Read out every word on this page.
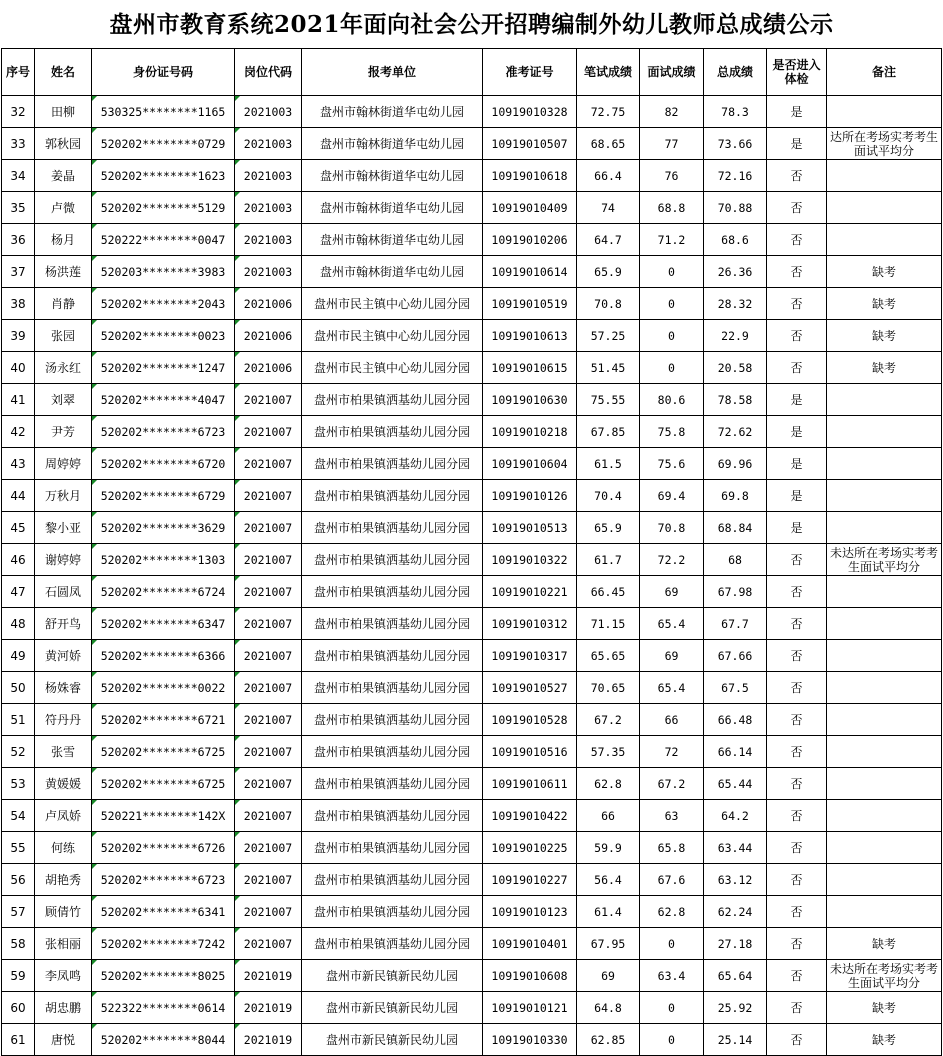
盘州市教育系统2021年面向社会公开招聘编制外幼儿教师总成绩公示
序号	姓名	身份证号码	岗位代码	报考单位	准考证号	笔试成绩	面试成绩	总成绩	是否进入体检	备注
32	田柳	530325********1165	2021003	盘州市翰林街道华屯幼儿园	10919010328	72.75	82	78.3	是	
33	郭秋园	520202********0729	2021003	盘州市翰林街道华屯幼儿园	10919010507	68.65	77	73.66	是	达所在考场实考考生面试平均分
34	姜晶	520202********1623	2021003	盘州市翰林街道华屯幼儿园	10919010618	66.4	76	72.16	否	
35	卢微	520202********5129	2021003	盘州市翰林街道华屯幼儿园	10919010409	74	68.8	70.88	否	
36	杨月	520222********0047	2021003	盘州市翰林街道华屯幼儿园	10919010206	64.7	71.2	68.6	否	
37	杨洪莲	520203********3983	2021003	盘州市翰林街道华屯幼儿园	10919010614	65.9	0	26.36	否	缺考
38	肖静	520202********2043	2021006	盘州市民主镇中心幼儿园分园	10919010519	70.8	0	28.32	否	缺考
39	张园	520202********0023	2021006	盘州市民主镇中心幼儿园分园	10919010613	57.25	0	22.9	否	缺考
40	汤永红	520202********1247	2021006	盘州市民主镇中心幼儿园分园	10919010615	51.45	0	20.58	否	缺考
41	刘翠	520202********4047	2021007	盘州市柏果镇洒基幼儿园分园	10919010630	75.55	80.6	78.58	是	
42	尹芳	520202********6723	2021007	盘州市柏果镇洒基幼儿园分园	10919010218	67.85	75.8	72.62	是	
43	周婷婷	520202********6720	2021007	盘州市柏果镇洒基幼儿园分园	10919010604	61.5	75.6	69.96	是	
44	万秋月	520202********6729	2021007	盘州市柏果镇洒基幼儿园分园	10919010126	70.4	69.4	69.8	是	
45	黎小亚	520202********3629	2021007	盘州市柏果镇洒基幼儿园分园	10919010513	65.9	70.8	68.84	是	
46	谢婷婷	520202********1303	2021007	盘州市柏果镇洒基幼儿园分园	10919010322	61.7	72.2	68	否	未达所在考场实考考生面试平均分
47	石圆凤	520202********6724	2021007	盘州市柏果镇洒基幼儿园分园	10919010221	66.45	69	67.98	否	
48	舒开鸟	520202********6347	2021007	盘州市柏果镇洒基幼儿园分园	10919010312	71.15	65.4	67.7	否	
49	黄河娇	520202********6366	2021007	盘州市柏果镇洒基幼儿园分园	10919010317	65.65	69	67.66	否	
50	杨姝睿	520202********0022	2021007	盘州市柏果镇洒基幼儿园分园	10919010527	70.65	65.4	67.5	否	
51	符丹丹	520202********6721	2021007	盘州市柏果镇洒基幼儿园分园	10919010528	67.2	66	66.48	否	
52	张雪	520202********6725	2021007	盘州市柏果镇洒基幼儿园分园	10919010516	57.35	72	66.14	否	
53	黄媛媛	520202********6725	2021007	盘州市柏果镇洒基幼儿园分园	10919010611	62.8	67.2	65.44	否	
54	卢凤娇	520221********142X	2021007	盘州市柏果镇洒基幼儿园分园	10919010422	66	63	64.2	否	
55	何练	520202********6726	2021007	盘州市柏果镇洒基幼儿园分园	10919010225	59.9	65.8	63.44	否	
56	胡艳秀	520202********6723	2021007	盘州市柏果镇洒基幼儿园分园	10919010227	56.4	67.6	63.12	否	
57	顾倩竹	520202********6341	2021007	盘州市柏果镇洒基幼儿园分园	10919010123	61.4	62.8	62.24	否	
58	张相丽	520202********7242	2021007	盘州市柏果镇洒基幼儿园分园	10919010401	67.95	0	27.18	否	缺考
59	李凤鸣	520202********8025	2021019	盘州市新民镇新民幼儿园	10919010608	69	63.4	65.64	否	未达所在考场实考考生面试平均分
60	胡忠鹏	522322********0614	2021019	盘州市新民镇新民幼儿园	10919010121	64.8	0	25.92	否	缺考
61	唐悦	520202********8044	2021019	盘州市新民镇新民幼儿园	10919010330	62.85	0	25.14	否	缺考
